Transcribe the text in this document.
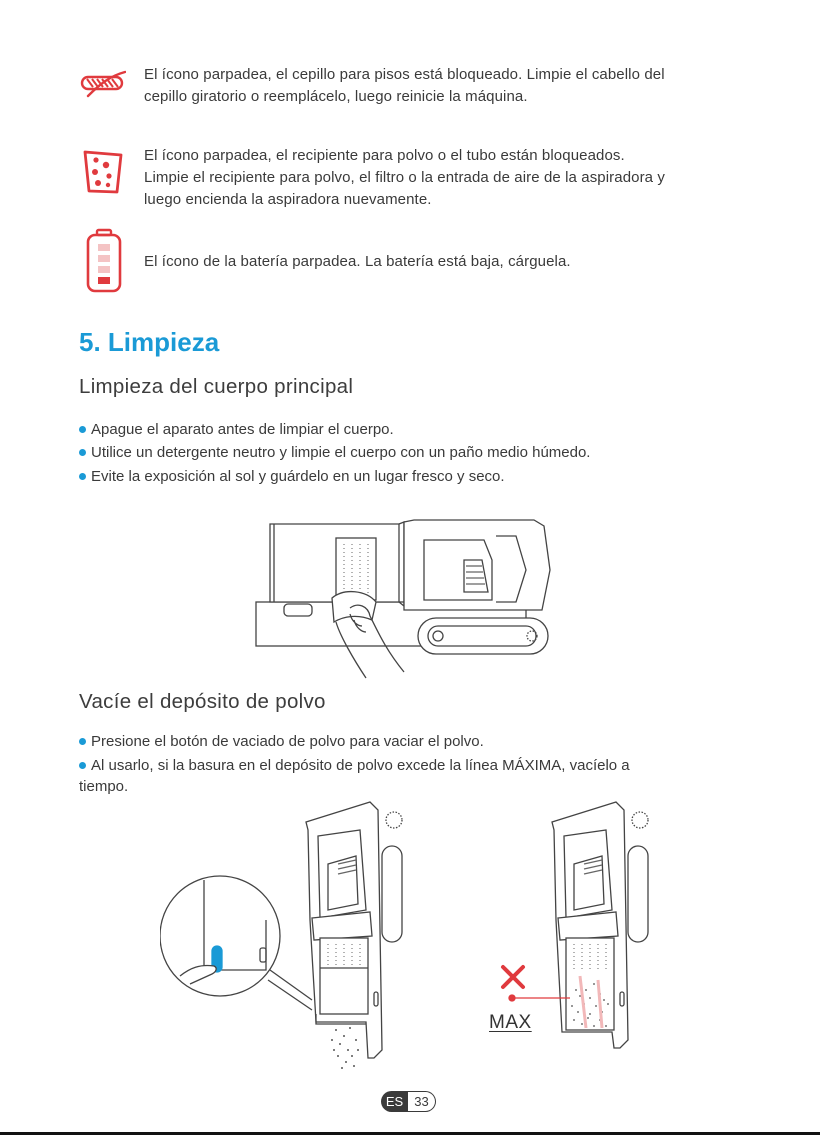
El ícono parpadea, el cepillo para pisos está bloqueado. Limpie el cabello del
cepillo giratorio o reemplácelo, luego reinicie la máquina.
El ícono parpadea, el recipiente para polvo o el tubo están bloqueados.
Limpie el recipiente para polvo, el filtro o la entrada de aire de la aspiradora y
luego encienda la aspiradora nuevamente.
El ícono de la batería parpadea. La batería está baja, cárguela.
5. Limpieza
Limpieza del cuerpo principal
Apague el aparato antes de limpiar el cuerpo.
Utilice un detergente neutro y limpie el cuerpo con un paño medio húmedo.
Evite la exposición al sol y guárdelo en un lugar fresco y seco.
Vacíe el depósito de polvo
Presione el botón de vaciado de polvo para vaciar el polvo.
Al usarlo, si la basura en el depósito de polvo excede la línea MÁXIMA, vacíelo a
tiempo.
MAX
ES 33
